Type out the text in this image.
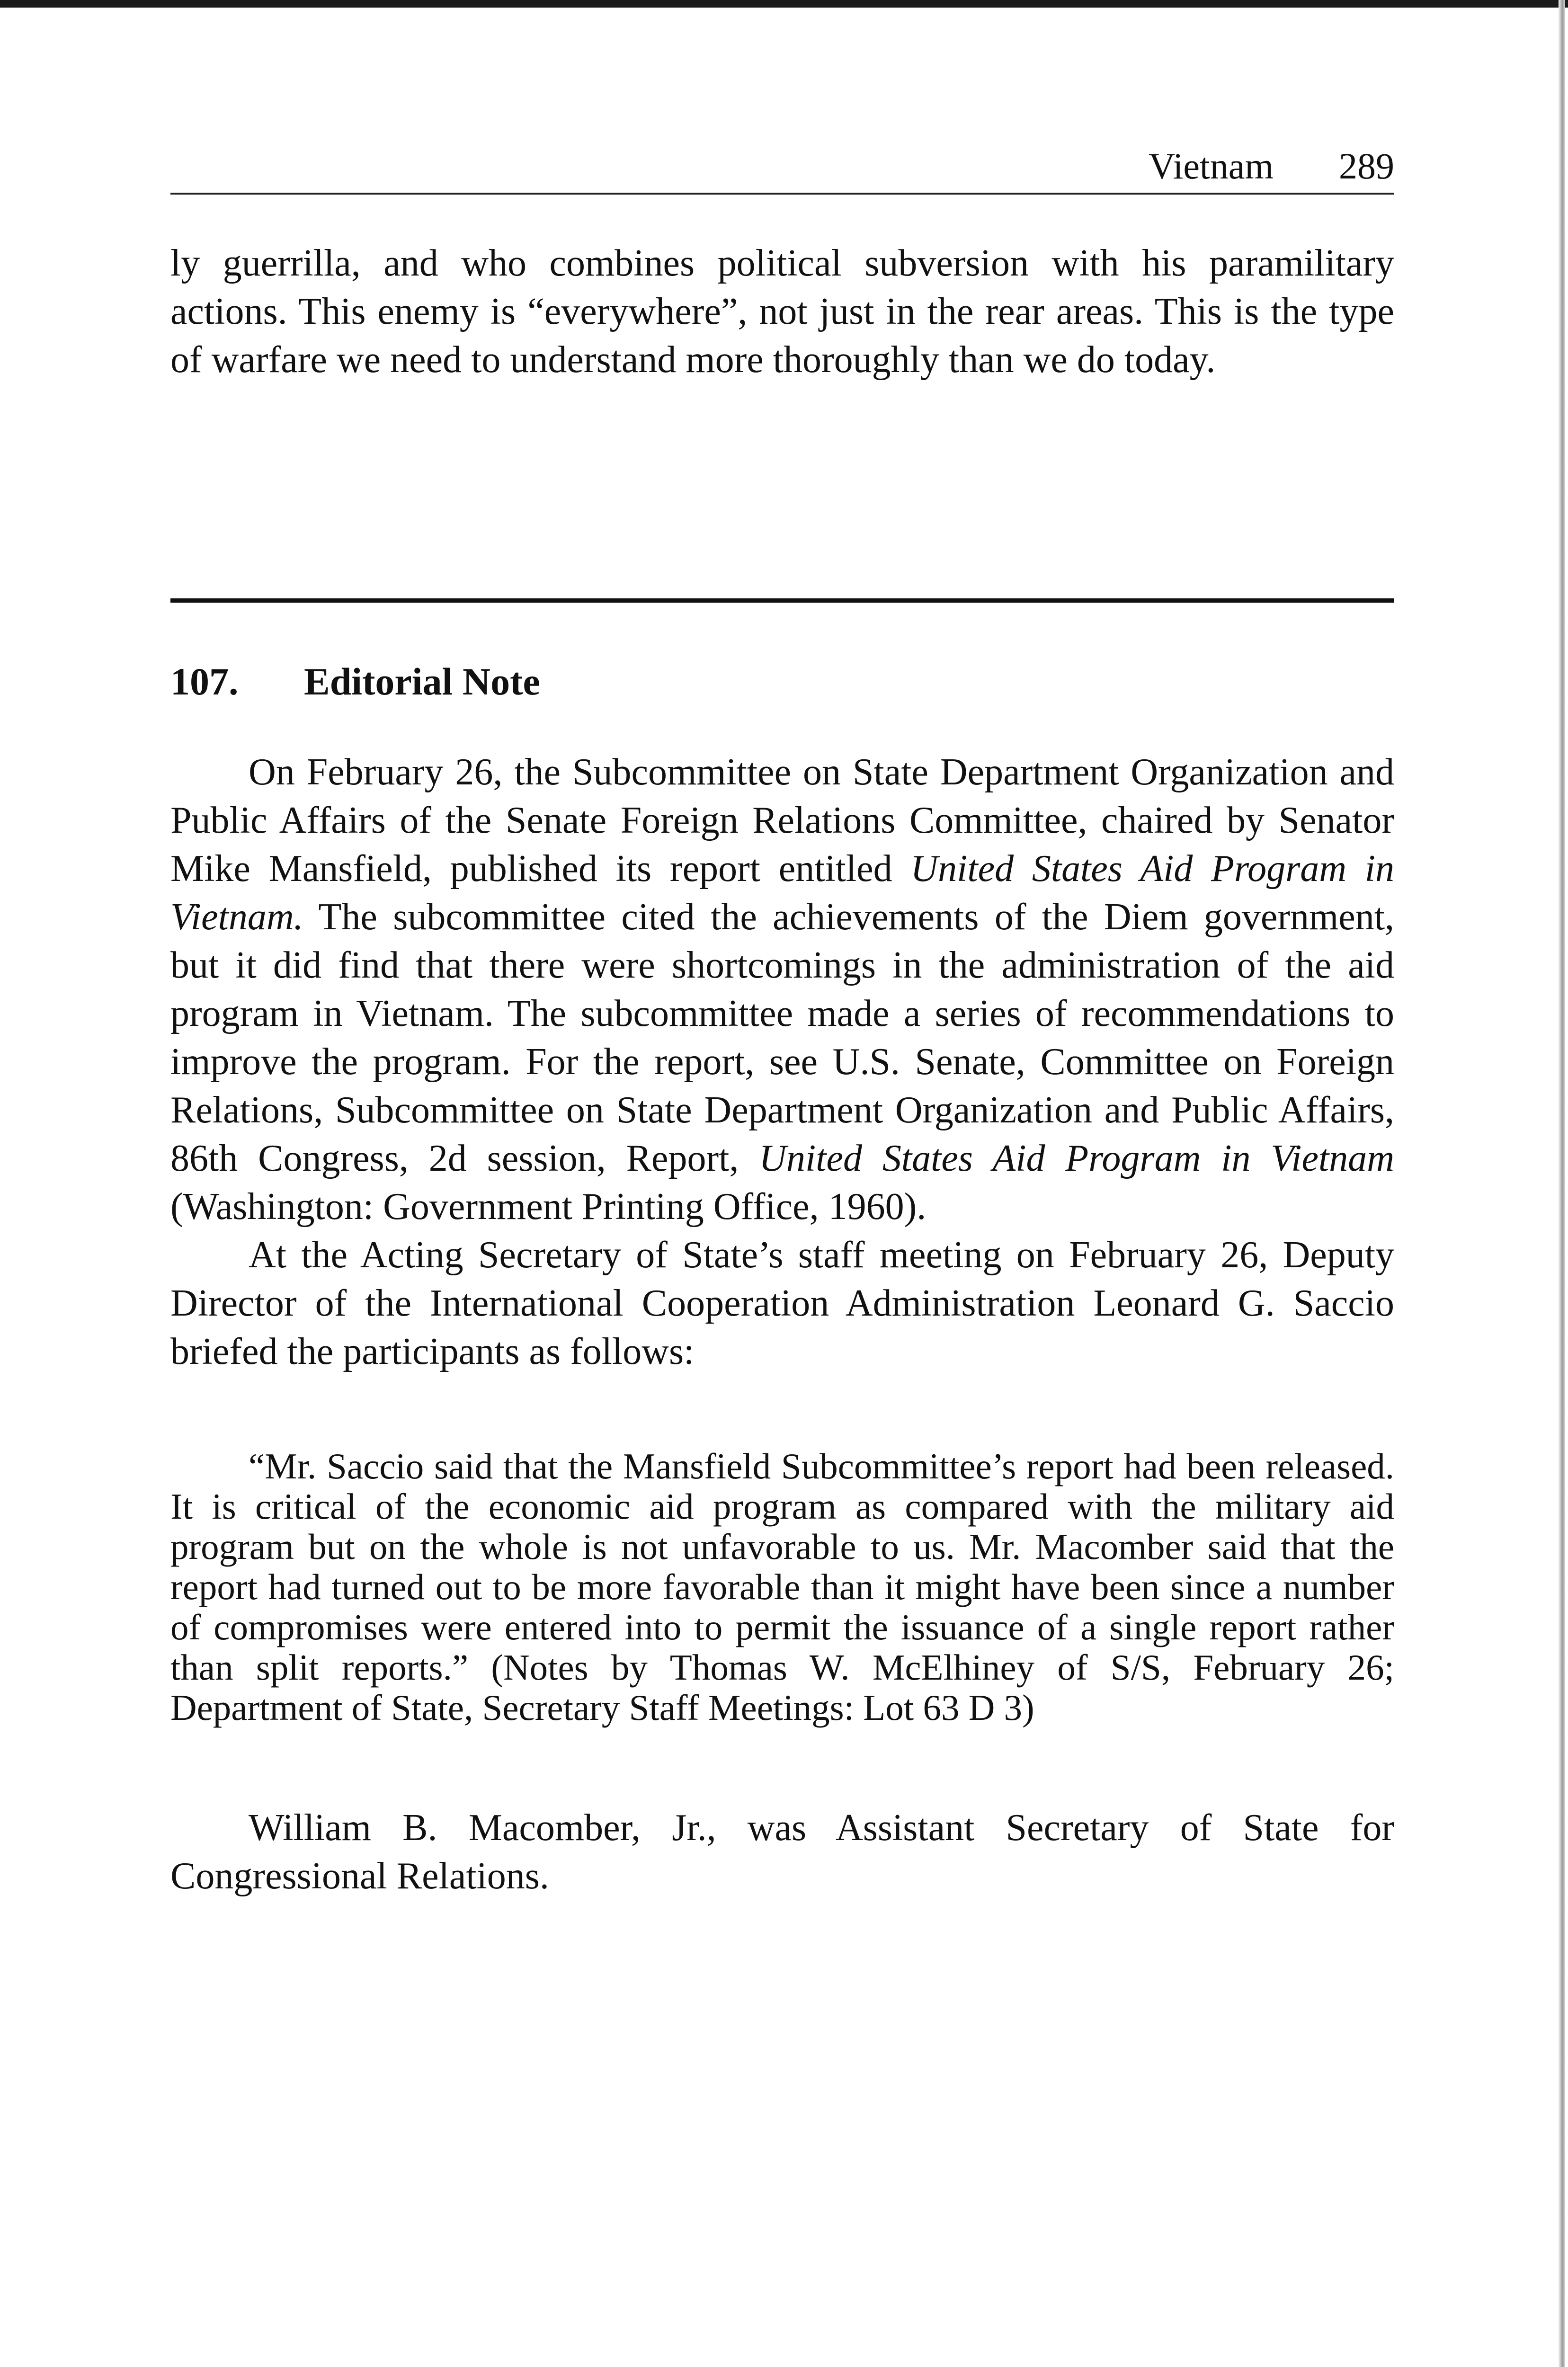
Vietnam 289
ly guerrilla, and who combines political subversion with his paramilitary actions. This enemy is “everywhere”, not just in the rear areas. This is the type of warfare we need to understand more thoroughly than we do today.
107. Editorial Note

On February 26, the Subcommittee on State Department Organization and Public Affairs of the Senate Foreign Relations Committee, chaired by Senator Mike Mansfield, published its report entitled United States Aid Program in Vietnam. The subcommittee cited the achievements of the Diem government, but it did find that there were shortcomings in the administration of the aid program in Vietnam. The subcommittee made a series of recommendations to improve the program. For the report, see U.S. Senate, Committee on Foreign Relations, Subcommittee on State Department Organization and Public Affairs, 86th Congress, 2d session, Report, United States Aid Program in Vietnam (Washington: Government Printing Office, 1960).

At the Acting Secretary of State’s staff meeting on February 26, Deputy Director of the International Cooperation Administration Leonard G. Saccio briefed the participants as follows:

“Mr. Saccio said that the Mansfield Subcommittee’s report had been released. It is critical of the economic aid program as compared with the military aid program but on the whole is not unfavorable to us. Mr. Macomber said that the report had turned out to be more favorable than it might have been since a number of compromises were entered into to permit the issuance of a single report rather than split reports.” (Notes by Thomas W. McElhiney of S/S, February 26; Department of State, Secretary Staff Meetings: Lot 63 D 3)
William B. Macomber, Jr., was Assistant Secretary of State for Congressional Relations.
